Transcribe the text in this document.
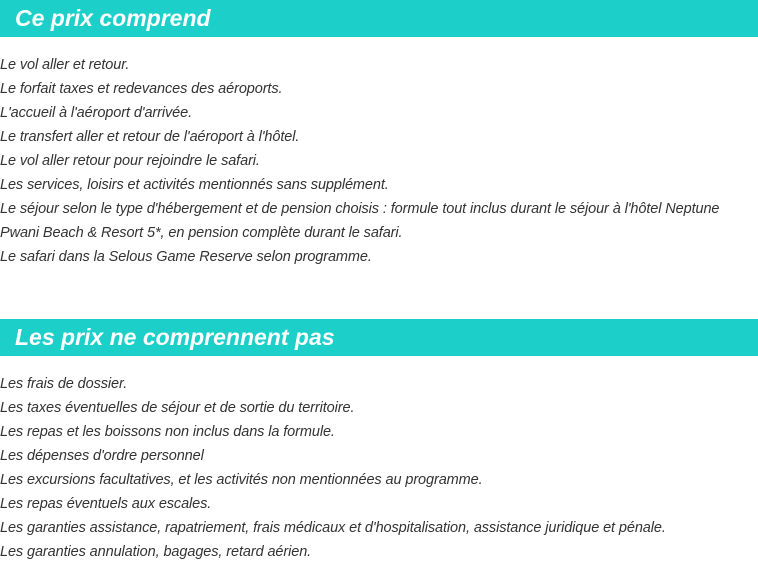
Ce prix comprend
Le vol aller et retour.
Le forfait taxes et redevances des aéroports.
L'accueil à l'aéroport d'arrivée.
Le transfert aller et retour de l'aéroport à l'hôtel.
Le vol aller retour pour rejoindre le safari.
Les services, loisirs et activités mentionnés sans supplément.
Le séjour selon le type d'hébergement et de pension choisis : formule tout inclus durant le séjour à l'hôtel Neptune Pwani Beach & Resort 5*, en pension complète durant le safari.
Le safari dans la Selous Game Reserve selon programme.
Les prix ne comprennent pas
Les frais de dossier.
Les taxes éventuelles de séjour et de sortie du territoire.
Les repas et les boissons non inclus dans la formule.
Les dépenses d'ordre personnel
Les excursions facultatives, et les activités non mentionnées au programme.
Les repas éventuels aux escales.
Les garanties assistance, rapatriement, frais médicaux et d'hospitalisation, assistance juridique et pénale.
Les garanties annulation, bagages, retard aérien.
